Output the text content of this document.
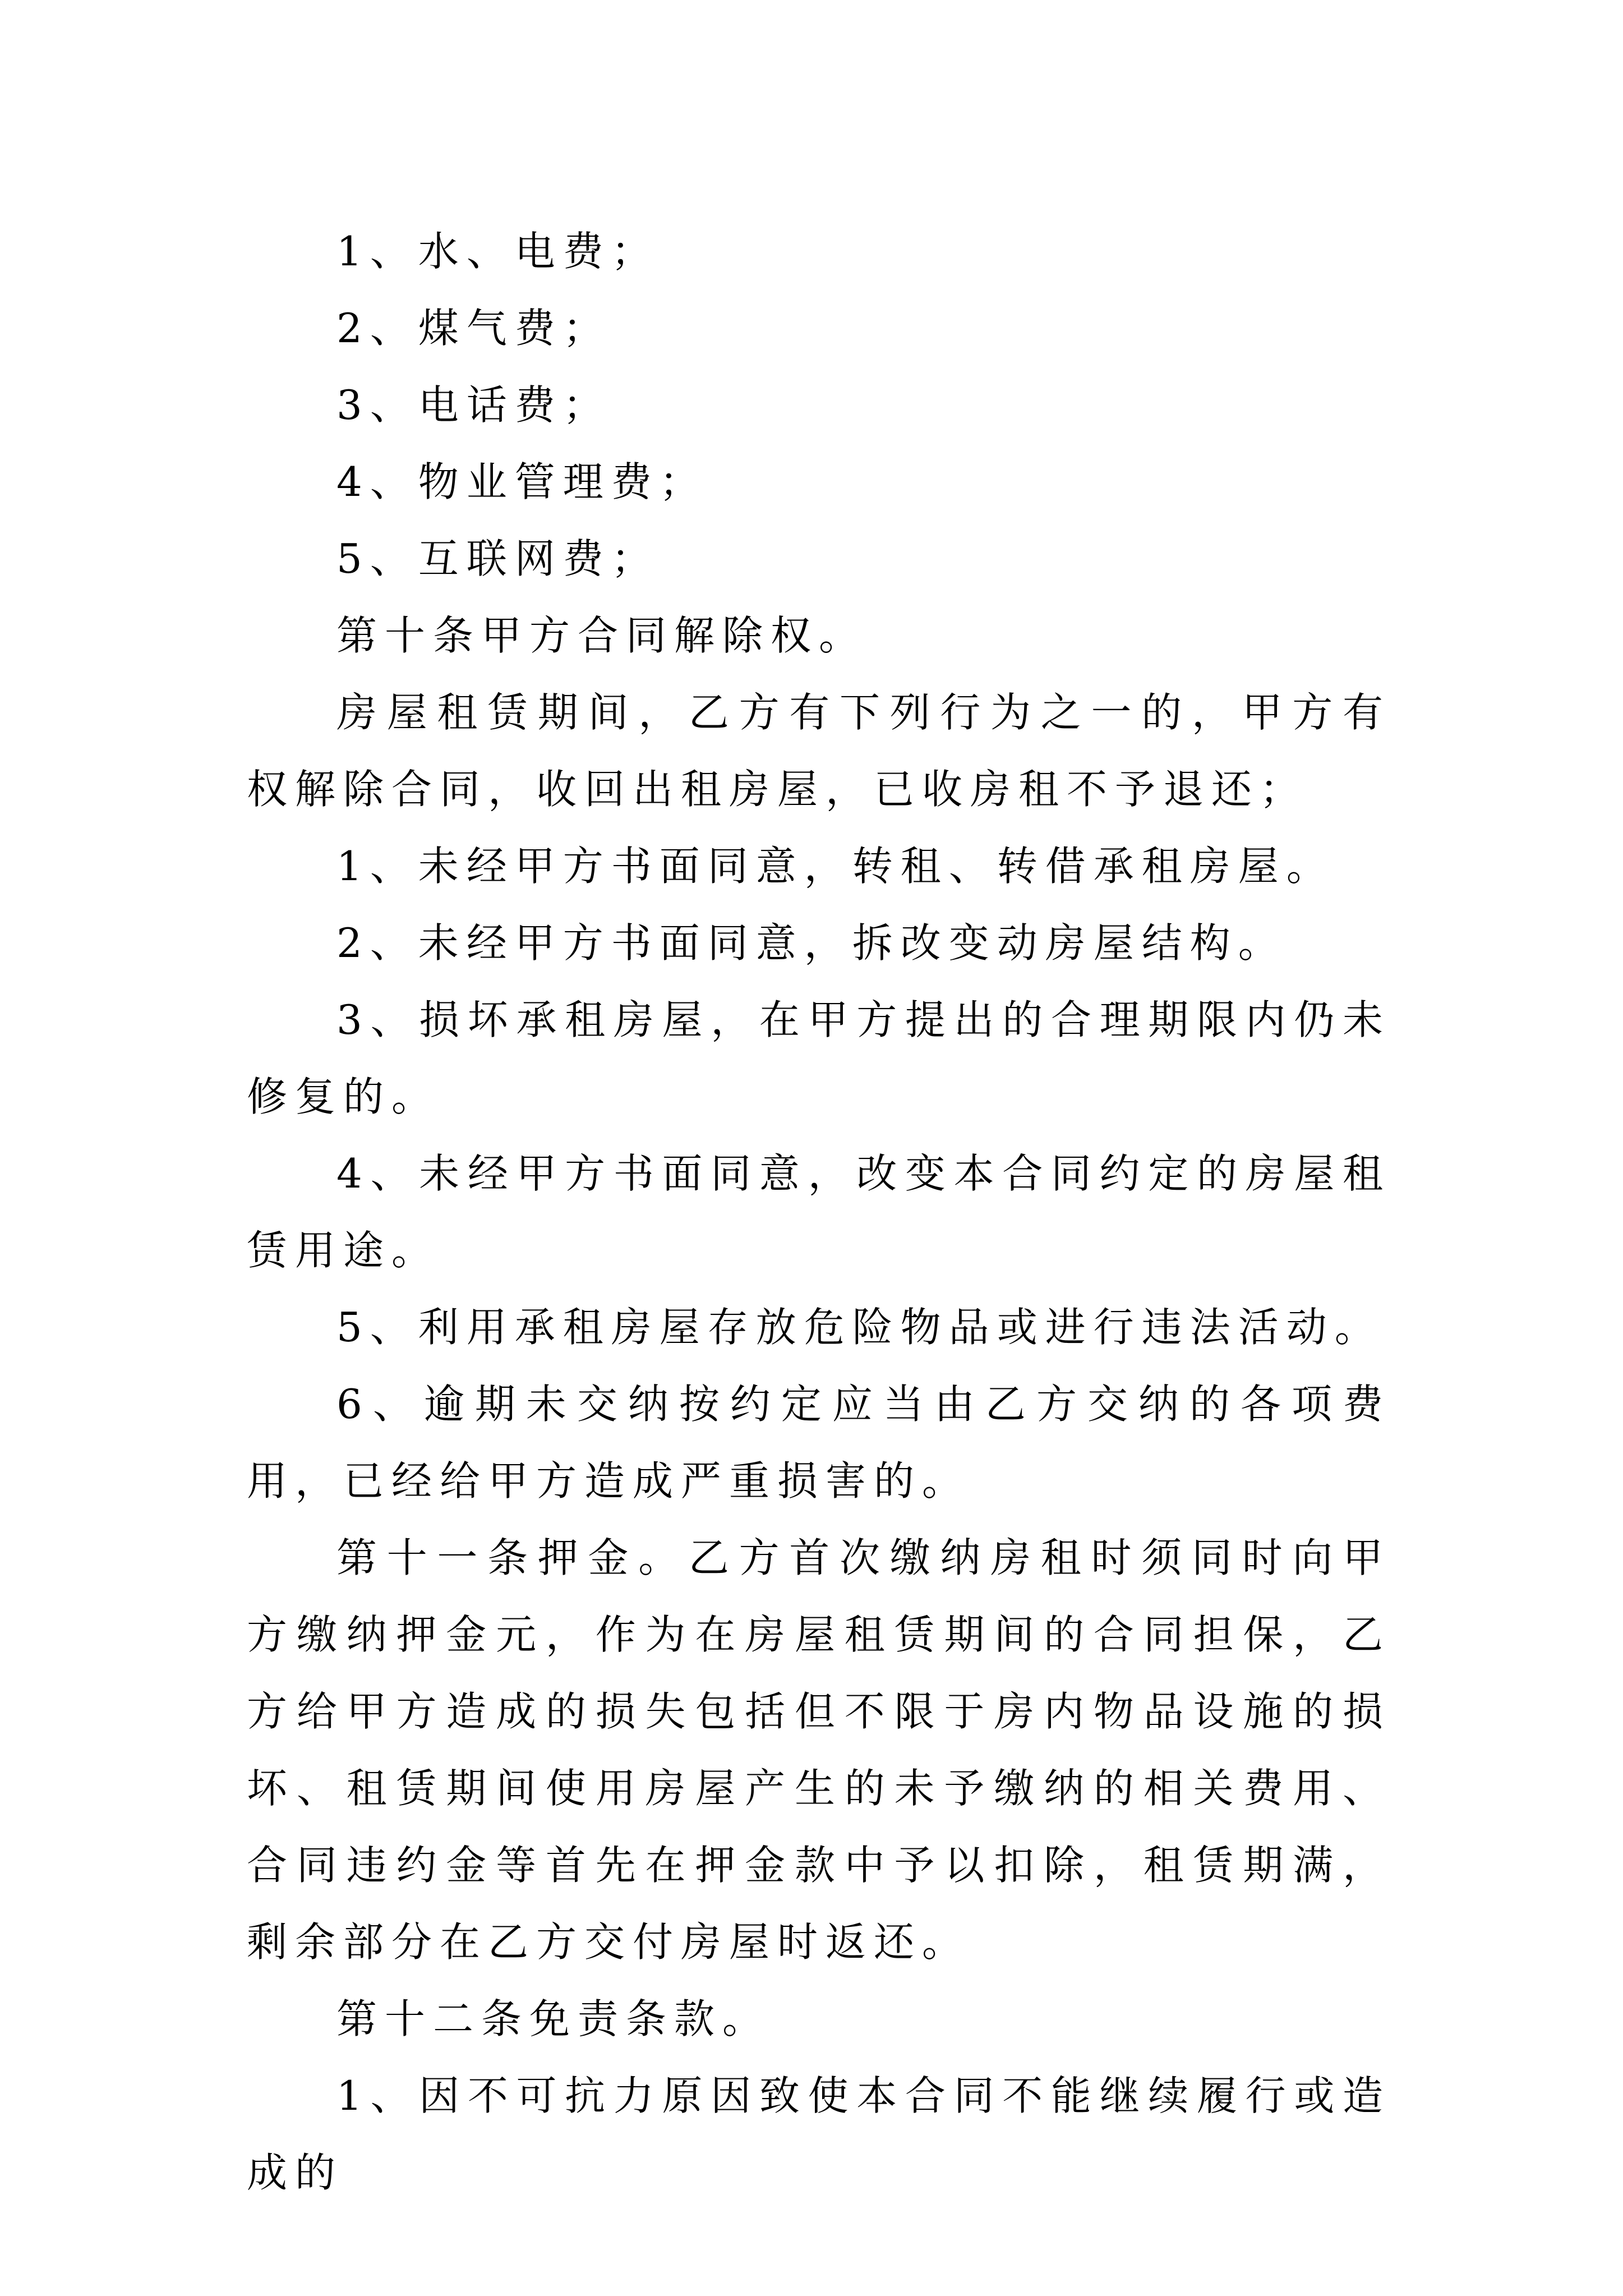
1、水、电费；

2、煤气费；

3、电话费；

4、物业管理费；

5、互联网费；

第十条甲方合同解除权。

房屋租赁期间，乙方有下列行为之一的，甲方有权解除合同，收回出租房屋，已收房租不予退还；

1、未经甲方书面同意，转租、转借承租房屋。

2、未经甲方书面同意，拆改变动房屋结构。

3、损坏承租房屋，在甲方提出的合理期限内仍未修复的。

4、未经甲方书面同意，改变本合同约定的房屋租赁用途。

5、利用承租房屋存放危险物品或进行违法活动。

6、逾期未交纳按约定应当由乙方交纳的各项费用，已经给甲方造成严重损害的。

第十一条押金。乙方首次缴纳房租时须同时向甲方缴纳押金元，作为在房屋租赁期间的合同担保，乙方给甲方造成的损失包括但不限于房内物品设施的损坏、租赁期间使用房屋产生的未予缴纳的相关费用、合同违约金等首先在押金款中予以扣除，租赁期满，剩余部分在乙方交付房屋时返还。

第十二条免责条款。

1、因不可抗力原因致使本合同不能继续履行或造成的
